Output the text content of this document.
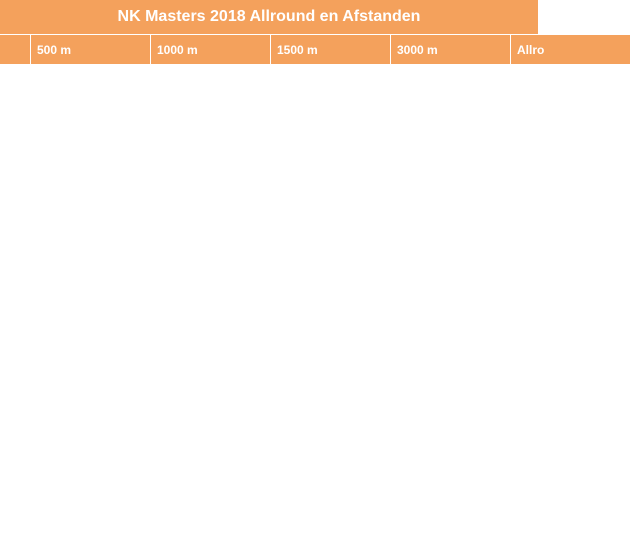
NK Masters 2018 Allround en Afstanden
500 m	1000 m	1500 m	3000 m	Allro
